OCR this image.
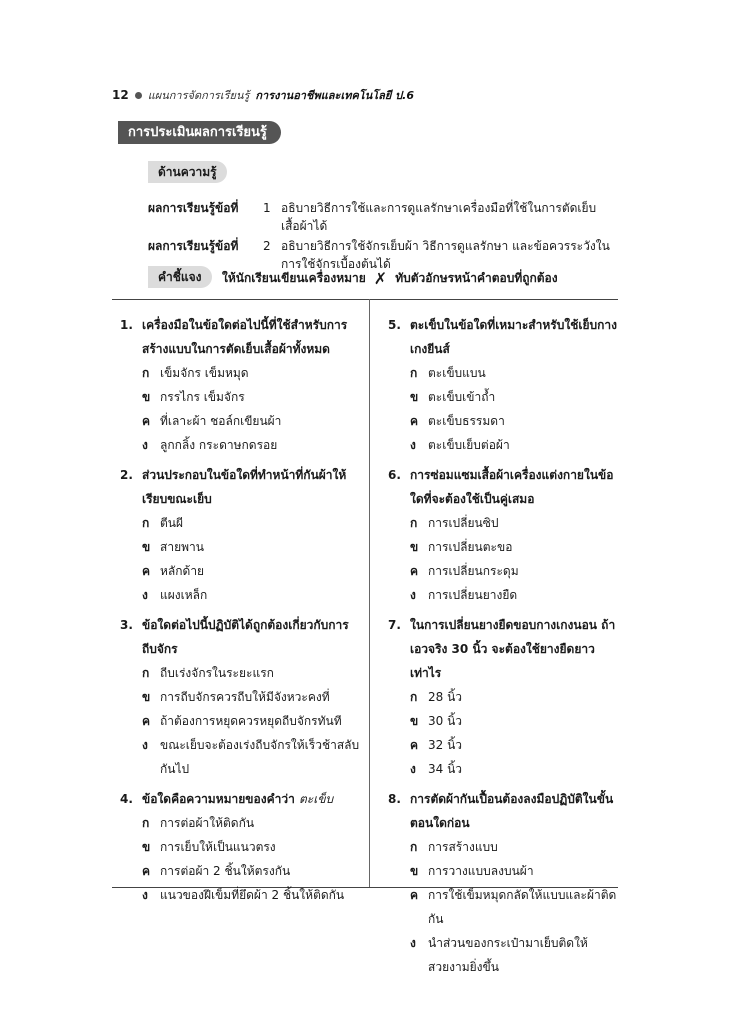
12 แผนการจัดการเรียนรู้ การงานอาชีพและเทคโนโลยี ป.6
การประเมินผลการเรียนรู้
ด้านความรู้
ผลการเรียนรู้ข้อที่	1 อธิบายวิธีการใช้และการดูแลรักษาเครื่องมือที่ใช้ในการตัดเย็บเสื้อผ้าได้
ผลการเรียนรู้ข้อที่	2 อธิบายวิธีการใช้จักรเย็บผ้า วิธีการดูแลรักษา และข้อควรระวังในการใช้จักรเบื้องต้นได้
คำชี้แจง	ให้นักเรียนเขียนเครื่องหมาย ✗ ทับตัวอักษรหน้าคำตอบที่ถูกต้อง
1. เครื่องมือในข้อใดต่อไปนี้ที่ใช้สำหรับการสร้างแบบในการตัดเย็บเสื้อผ้าทั้งหมด
ก เข็มจักร เข็มหมุด
ข กรรไกร เข็มจักร
ค ที่เลาะผ้า ชอล์กเขียนผ้า
ง	ลูกกลิ้ง กระดาษกดรอย
2. ส่วนประกอบในข้อใดที่ทำหน้าที่กันผ้าให้เรียบขณะเย็บ
ก ตีนผี
ข สายพาน
ค หลักด้าย
ง	แผงเหล็ก
3. ข้อใดต่อไปนี้ปฏิบัติได้ถูกต้องเกี่ยวกับการถีบจักร
ก ถีบเร่งจักรในระยะแรก
ข การถีบจักรควรถีบให้มีจังหวะคงที่
ค ถ้าต้องการหยุดควรหยุดถีบจักรทันที
ง	ขณะเย็บจะต้องเร่งถีบจักรให้เร็วช้าสลับกันไป
4. ข้อใดคือความหมายของคำว่า ตะเข็บ
ก การต่อผ้าให้ติดกัน
ข การเย็บให้เป็นแนวตรง
ค การต่อผ้า 2 ชิ้นให้ตรงกัน
ง	แนวของฝีเข็มที่ยึดผ้า 2 ชิ้นให้ติดกัน
5. ตะเข็บในข้อใดที่เหมาะสำหรับใช้เย็บกางเกงยีนส์
ก ตะเข็บแบน
ข ตะเข็บเข้าถ้ำ
ค ตะเข็บธรรมดา
ง	ตะเข็บเย็บต่อผ้า
6. การซ่อมแซมเสื้อผ้าเครื่องแต่งกายในข้อใดที่จะต้องใช้เป็นคู่เสมอ
ก การเปลี่ยนซิป
ข การเปลี่ยนตะขอ
ค การเปลี่ยนกระดุม
ง	การเปลี่ยนยางยืด
7. ในการเปลี่ยนยางยืดขอบกางเกงนอน ถ้าเอวจริง 30 นิ้ว จะต้องใช้ยางยืดยาวเท่าไร
ก 28 นิ้ว
ข 30 นิ้ว
ค 32 นิ้ว
ง	34 นิ้ว
8. การตัดผ้ากันเปื้อนต้องลงมือปฏิบัติในขั้นตอนใดก่อน
ก การสร้างแบบ
ข การวางแบบลงบนผ้า
ค การใช้เข็มหมุดกลัดให้แบบและผ้าติดกัน
ง	นำส่วนของกระเป๋ามาเย็บติดให้สวยงามยิ่งขึ้น
